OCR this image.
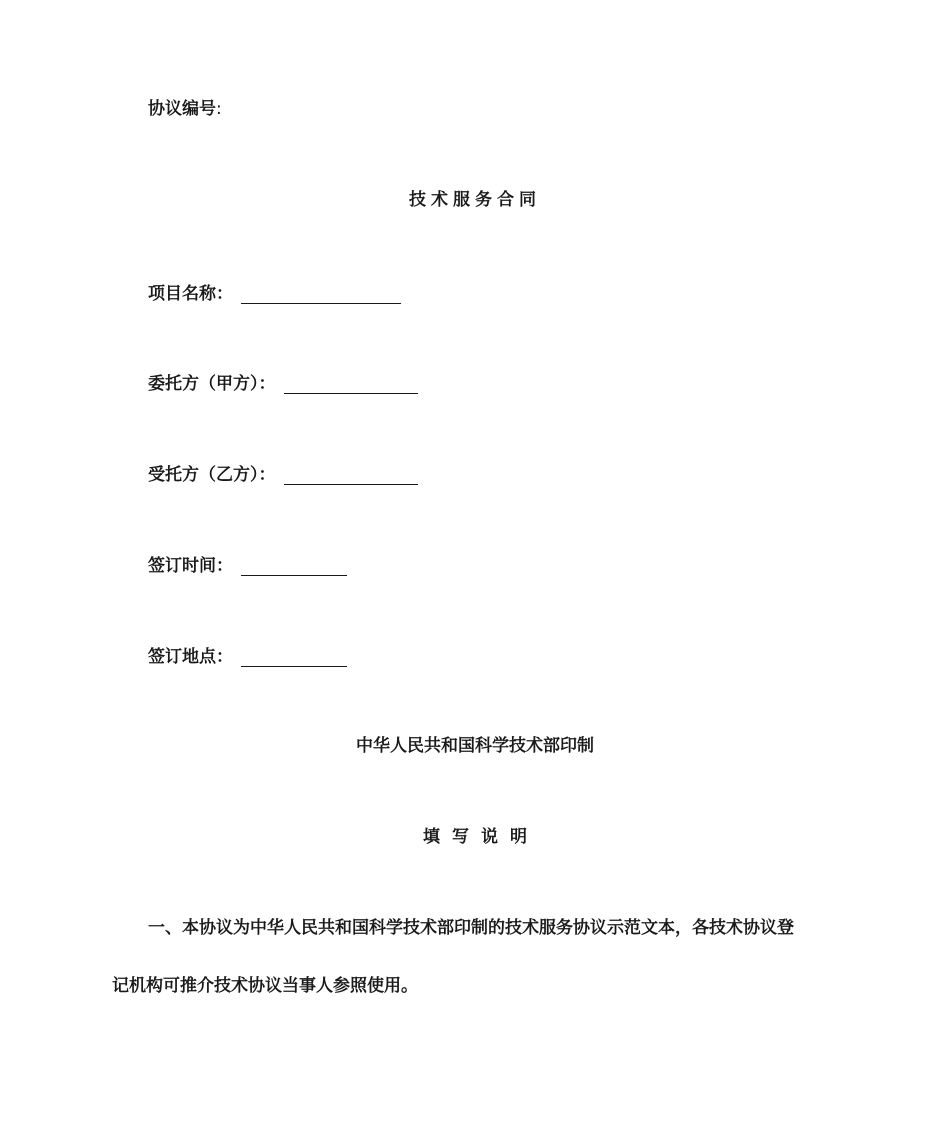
协议编号:
技术服务合同
项目名称：
委托方（甲方）：
受托方（乙方）：
签订时间：
签订地点：
中华人民共和国科学技术部印制
填写说明
一、本协议为中华人民共和国科学技术部印制的技术服务协议示范文本，各技术协议登
记机构可推介技术协议当事人参照使用。
